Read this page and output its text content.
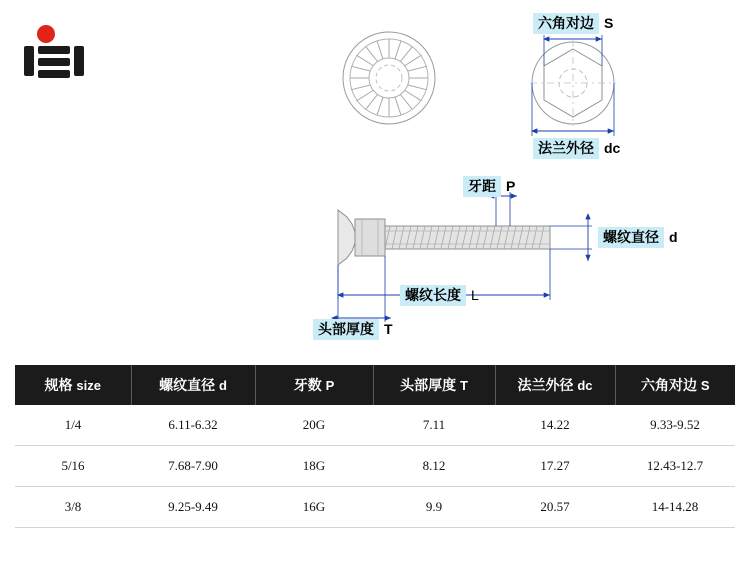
六角对边 S
法兰外径 dc
牙距 P
螺纹直径 d
螺纹长度 L
头部厚度 T
规格 size	螺纹直径 d	牙数 P	头部厚度 T	法兰外径 dc	六角对边 S
1/4	6.11-6.32	20G	7.11	14.22	9.33-9.52
5/16	7.68-7.90	18G	8.12	17.27	12.43-12.7
3/8	9.25-9.49	16G	9.9	20.57	14-14.28
